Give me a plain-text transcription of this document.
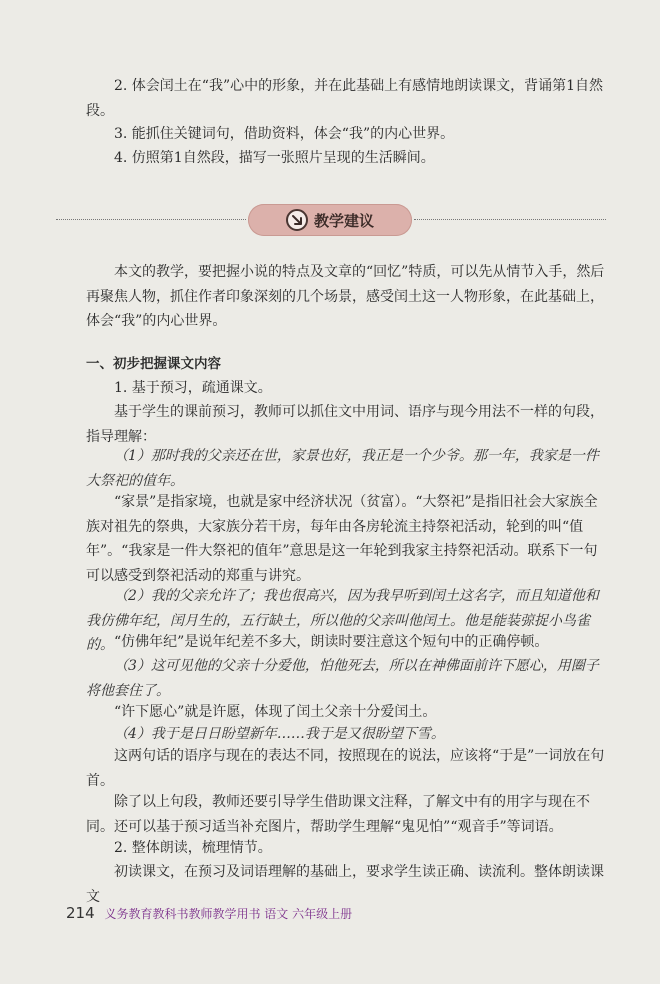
2. 体会闰土在“我”心中的形象，并在此基础上有感情地朗读课文，背诵第1自然段。

3. 能抓住关键词句，借助资料，体会“我”的内心世界。

4. 仿照第1自然段，描写一张照片呈现的生活瞬间。

教学建议

本文的教学，要把握小说的特点及文章的“回忆”特质，可以先从情节入手，然后再聚焦人物，抓住作者印象深刻的几个场景，感受闰土这一人物形象，在此基础上，体会“我”的内心世界。

一、初步把握课文内容

1. 基于预习，疏通课文。

基于学生的课前预习，教师可以抓住文中用词、语序与现今用法不一样的句段，指导理解：

（1）那时我的父亲还在世，家景也好，我正是一个少爷。那一年，我家是一件大祭祀的值年。

“家景”是指家境，也就是家中经济状况（贫富）。“大祭祀”是指旧社会大家族全族对祖先的祭典，大家族分若干房，每年由各房轮流主持祭祀活动，轮到的叫“值年”。“我家是一件大祭祀的值年”意思是这一年轮到我家主持祭祀活动。联系下一句可以感受到祭祀活动的郑重与讲究。

（2）我的父亲允许了；我也很高兴，因为我早听到闰土这名字，而且知道他和我仿佛年纪，闰月生的，五行缺土，所以他的父亲叫他闰土。他是能装弶捉小鸟雀的。 “仿佛年纪”是说年纪差不多大，朗读时要注意这个短句中的正确停顿。

（3）这可见他的父亲十分爱他，怕他死去，所以在神佛面前许下愿心，用圈子将他套住了。

“许下愿心”就是许愿，体现了闰土父亲十分爱闰土。

（4）我于是日日盼望新年……我于是又很盼望下雪。

这两句话的语序与现在的表达不同，按照现在的说法，应该将“于是”一词放在句首。

除了以上句段，教师还要引导学生借助课文注释，了解文中有的用字与现在不同。还可以基于预习适当补充图片，帮助学生理解“鬼见怕”“观音手”等词语。

2. 整体朗读，梳理情节。

初读课文，在预习及词语理解的基础上，要求学生读正确、读流利。整体朗读课文

214 义务教育教科书教师教学用书 语文 六年级上册
